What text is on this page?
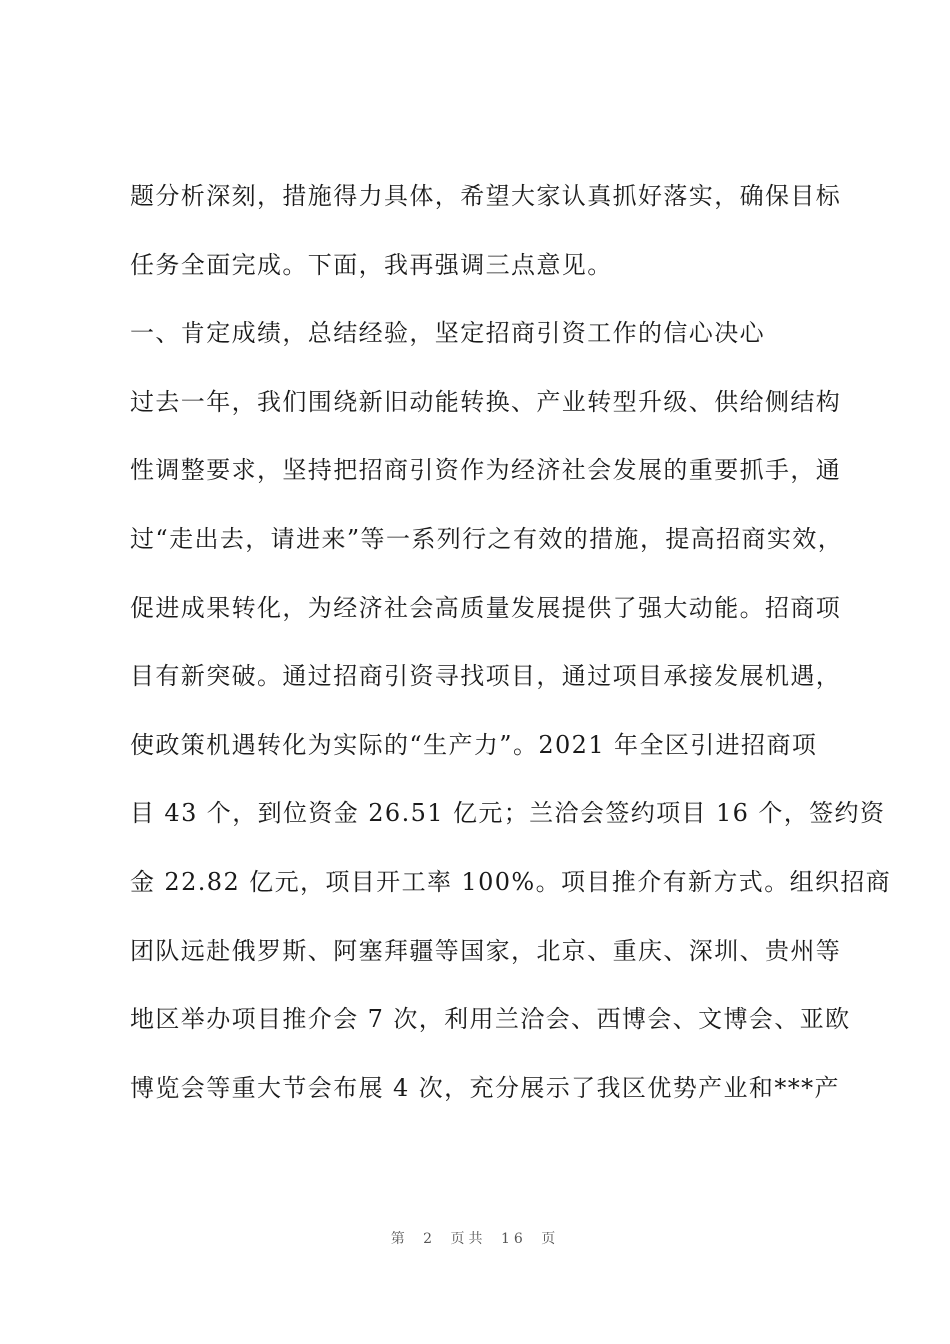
题分析深刻，措施得力具体，希望大家认真抓好落实，确保目标
任务全面完成。下面，我再强调三点意见。
一、肯定成绩，总结经验，坚定招商引资工作的信心决心
过去一年，我们围绕新旧动能转换、产业转型升级、供给侧结构
性调整要求，坚持把招商引资作为经济社会发展的重要抓手，通
过“走出去，请进来”等一系列行之有效的措施，提高招商实效，
促进成果转化，为经济社会高质量发展提供了强大动能。招商项
目有新突破。通过招商引资寻找项目，通过项目承接发展机遇，
使政策机遇转化为实际的“生产力”。2021 年全区引进招商项
目 43 个，到位资金 26.51 亿元；兰洽会签约项目 16 个，签约资
金 22.82 亿元，项目开工率 100%。项目推介有新方式。组织招商
团队远赴俄罗斯、阿塞拜疆等国家，北京、重庆、深圳、贵州等
地区举办项目推介会 7 次，利用兰洽会、西博会、文博会、亚欧
博览会等重大节会布展 4 次，充分展示了我区优势产业和***产
第 2 页共 16 页
